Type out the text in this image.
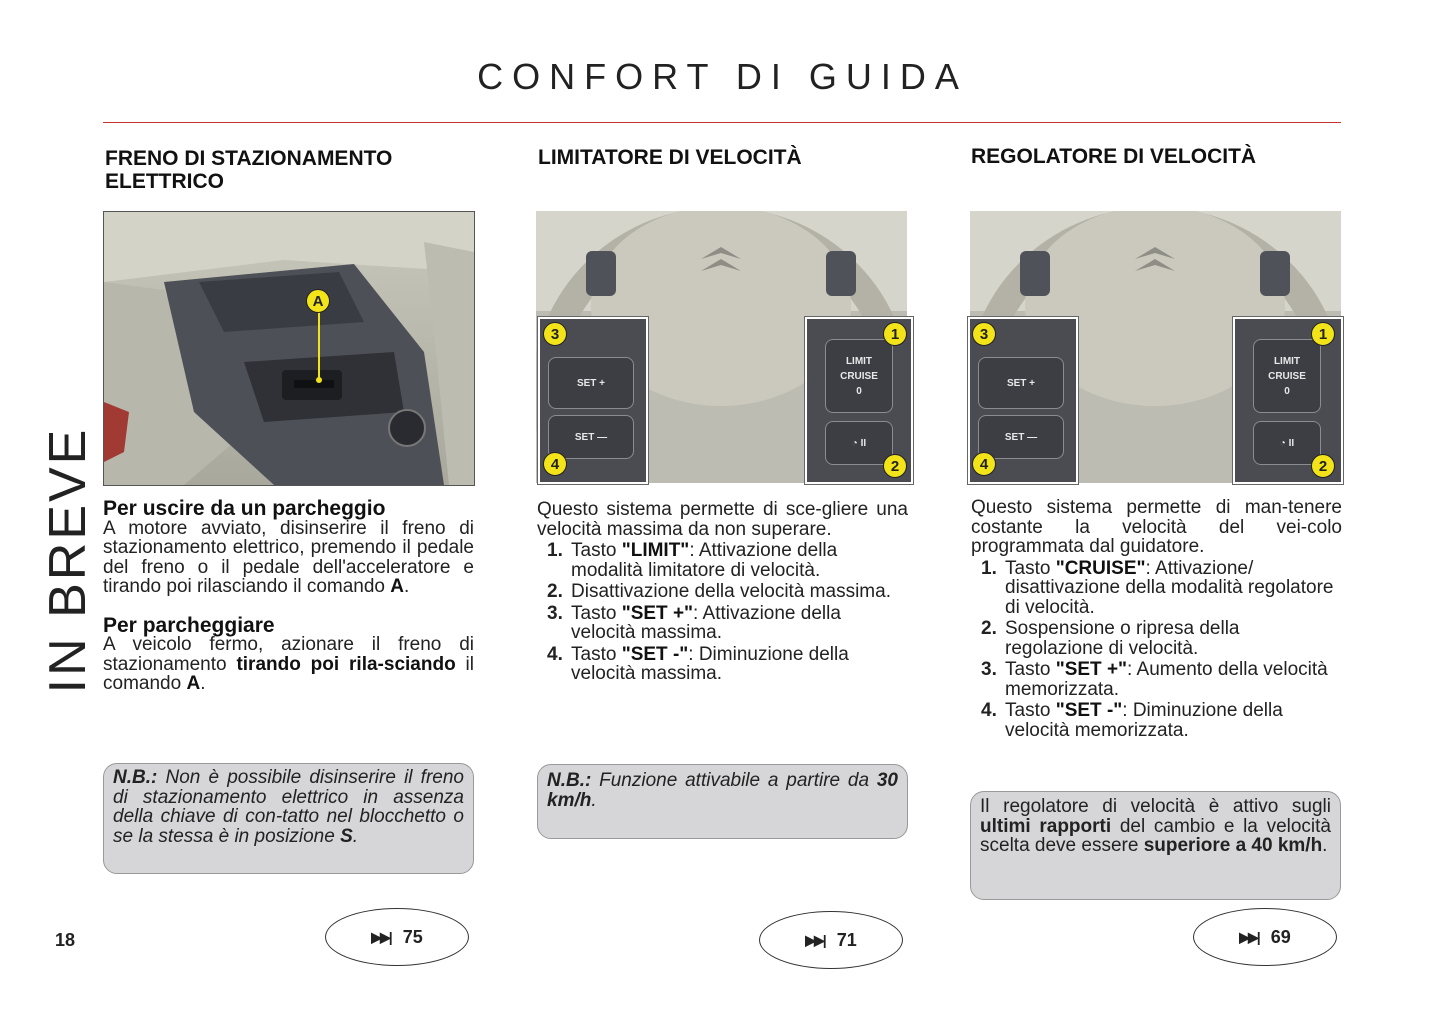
CONFORT DI GUIDA
IN BREVE
18
FRENO DI STAZIONAMENTO ELETTRICO
A

Per uscire da un parcheggio

A motore avviato, disinserire il freno di stazionamento elettrico, premendo il pedale del freno o il pedale dell'acceleratore e tirando poi rilasciando il comando A.

Per parcheggiare

A veicolo fermo, azionare il freno di stazionamento tirando poi rila-sciando il comando A.

N.B.: Non è possibile disinserire il freno di stazionamento elettrico in assenza della chiave di con-tatto nel blocchetto o se la stessa è in posizione S.

▶▶| 75
LIMITATORE DI VELOCITÀ
SET +
SET —
LIMIT
CRUISE
0
◔ II
3
4
1
2

Questo sistema permette di sce-gliere una velocità massima da non superare.

1. Tasto "LIMIT": Attivazione della modalità limitatore di velocità.
2. Disattivazione della velocità massima.
3. Tasto "SET +": Attivazione della velocità massima.
4. Tasto "SET -": Diminuzione della velocità massima.

N.B.: Funzione attivabile a partire da 30 km/h.

▶▶| 71
REGOLATORE DI VELOCITÀ
SET +
SET —
LIMIT
CRUISE
0
◔ II
3
4
1
2

Questo sistema permette di man-tenere costante la velocità del vei-colo programmata dal guidatore.

1. Tasto "CRUISE": Attivazione/ disattivazione della modalità regolatore di velocità.
2. Sospensione o ripresa della regolazione di velocità.
3. Tasto "SET +": Aumento della velocità memorizzata.
4. Tasto "SET -": Diminuzione della velocità memorizzata.

Il regolatore di velocità è attivo sugli ultimi rapporti del cambio e la velocità scelta deve essere superiore a 40 km/h.

▶▶| 69
